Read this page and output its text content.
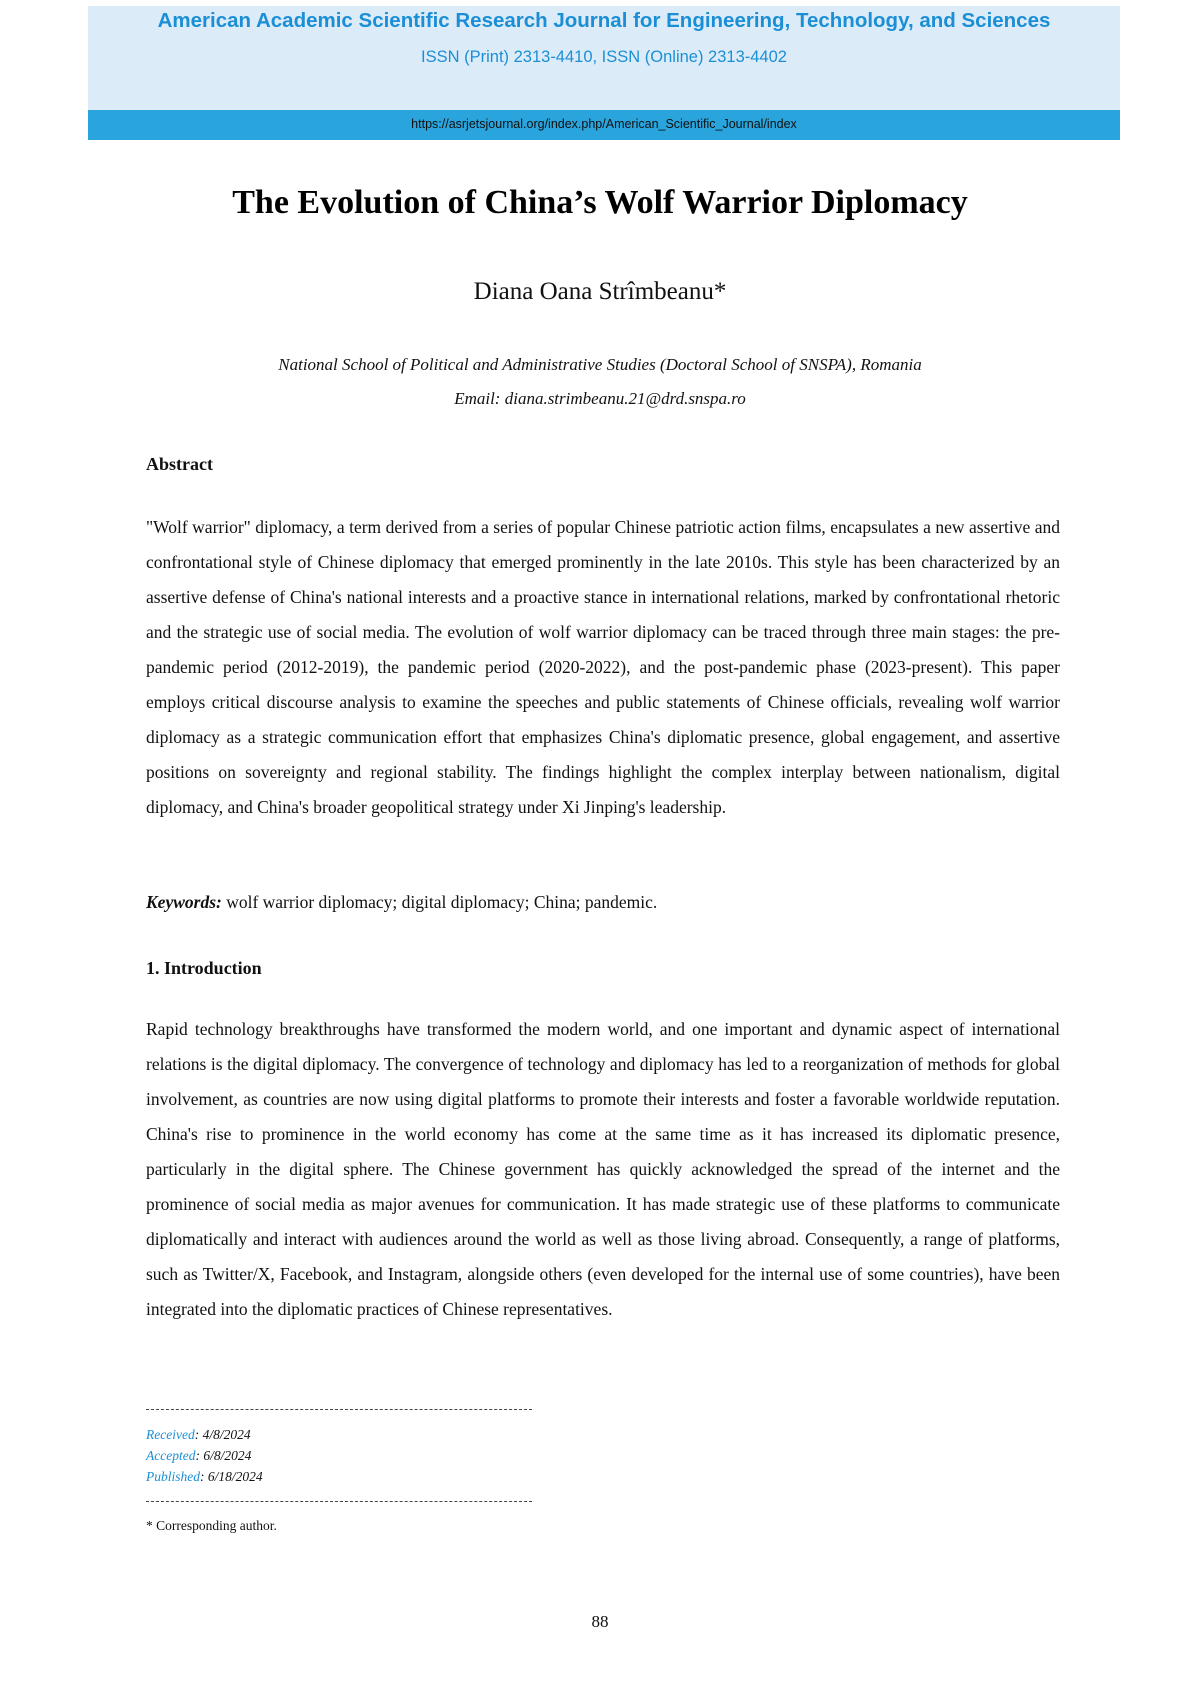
American Academic Scientific Research Journal for Engineering, Technology, and Sciences
ISSN (Print) 2313-4410, ISSN (Online) 2313-4402
https://asrjetsjournal.org/index.php/American_Scientific_Journal/index
The Evolution of China’s Wolf Warrior Diplomacy
Diana Oana Strîmbeanu*
National School of Political and Administrative Studies (Doctoral School of SNSPA), Romania
Email: diana.strimbeanu.21@drd.snspa.ro
Abstract
"Wolf warrior" diplomacy, a term derived from a series of popular Chinese patriotic action films, encapsulates a new assertive and confrontational style of Chinese diplomacy that emerged prominently in the late 2010s. This style has been characterized by an assertive defense of China's national interests and a proactive stance in international relations, marked by confrontational rhetoric and the strategic use of social media. The evolution of wolf warrior diplomacy can be traced through three main stages: the pre-pandemic period (2012-2019), the pandemic period (2020-2022), and the post-pandemic phase (2023-present). This paper employs critical discourse analysis to examine the speeches and public statements of Chinese officials, revealing wolf warrior diplomacy as a strategic communication effort that emphasizes China's diplomatic presence, global engagement, and assertive positions on sovereignty and regional stability. The findings highlight the complex interplay between nationalism, digital diplomacy, and China's broader geopolitical strategy under Xi Jinping's leadership.
Keywords: wolf warrior diplomacy; digital diplomacy; China; pandemic.
1. Introduction
Rapid technology breakthroughs have transformed the modern world, and one important and dynamic aspect of international relations is the digital diplomacy. The convergence of technology and diplomacy has led to a reorganization of methods for global involvement, as countries are now using digital platforms to promote their interests and foster a favorable worldwide reputation. China's rise to prominence in the world economy has come at the same time as it has increased its diplomatic presence, particularly in the digital sphere. The Chinese government has quickly acknowledged the spread of the internet and the prominence of social media as major avenues for communication. It has made strategic use of these platforms to communicate diplomatically and interact with audiences around the world as well as those living abroad. Consequently, a range of platforms, such as Twitter/X, Facebook, and Instagram, alongside others (even developed for the internal use of some countries), have been integrated into the diplomatic practices of Chinese representatives.
Received: 4/8/2024
Accepted: 6/8/2024
Published: 6/18/2024
* Corresponding author.
88
